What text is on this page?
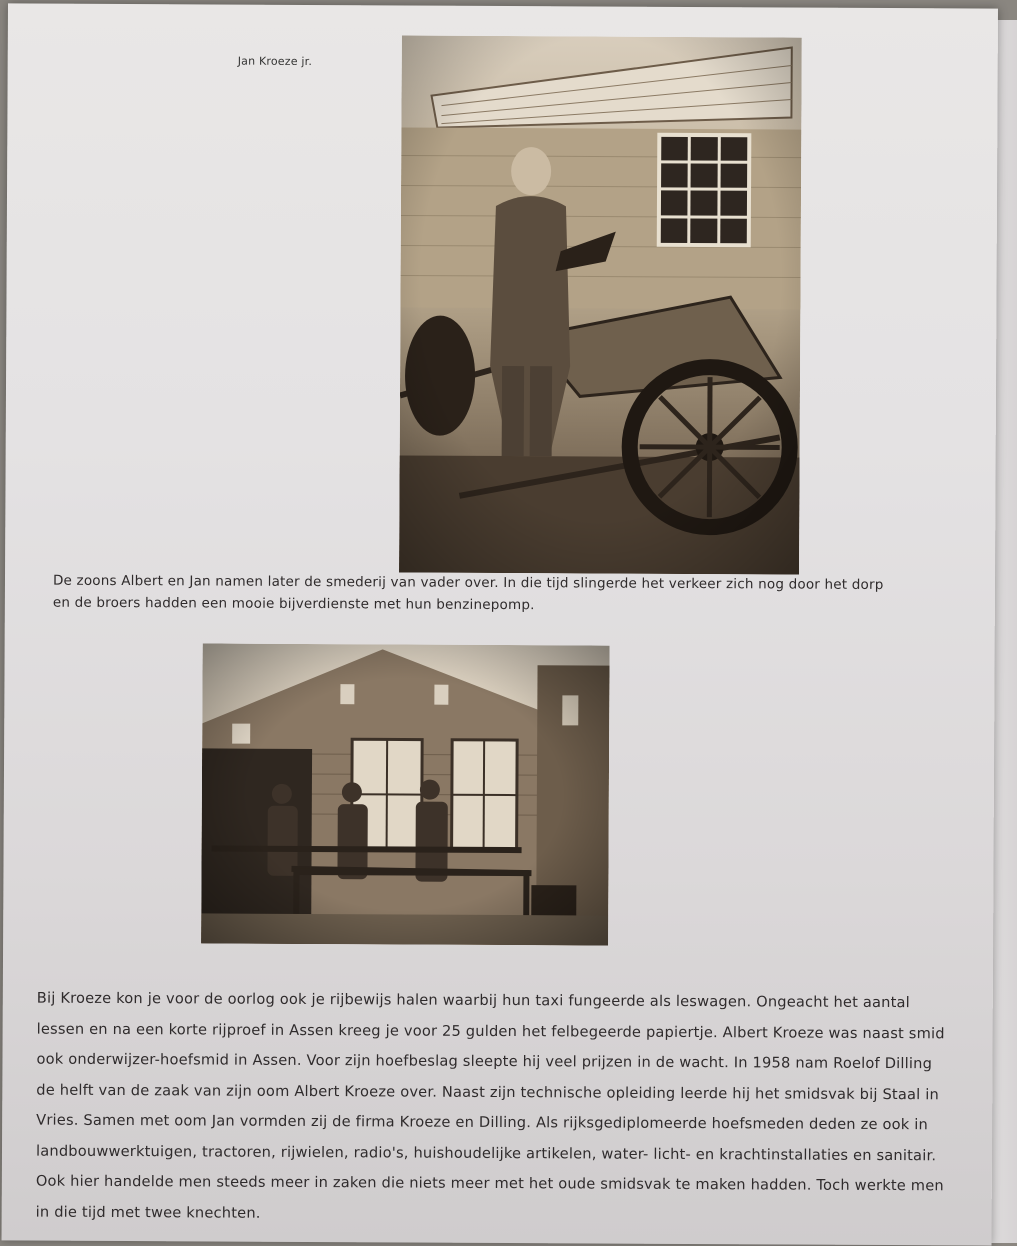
Jan Kroeze jr.
De zoons Albert en Jan namen later de smederij van vader over. In die tijd slingerde het verkeer zich nog door het dorp
en de broers hadden een mooie bijverdienste met hun benzinepomp.
Bij Kroeze kon je voor de oorlog ook je rijbewijs halen waarbij hun taxi fungeerde als leswagen. Ongeacht het aantal
lessen en na een korte rijproef in Assen kreeg je voor 25 gulden het felbegeerde papiertje. Albert Kroeze was naast smid
ook onderwijzer-hoefsmid in Assen. Voor zijn hoefbeslag sleepte hij veel prijzen in de wacht. In 1958 nam Roelof Dilling
de helft van de zaak van zijn oom Albert Kroeze over. Naast zijn technische opleiding leerde hij het smidsvak bij Staal in
Vries. Samen met oom Jan vormden zij de firma Kroeze en Dilling. Als rijksgediplomeerde hoefsmeden deden ze ook in
landbouwwerktuigen, tractoren, rijwielen, radio's, huishoudelijke artikelen, water- licht- en krachtinstallaties en sanitair.
Ook hier handelde men steeds meer in zaken die niets meer met het oude smidsvak te maken hadden. Toch werkte men
in die tijd met twee knechten.
